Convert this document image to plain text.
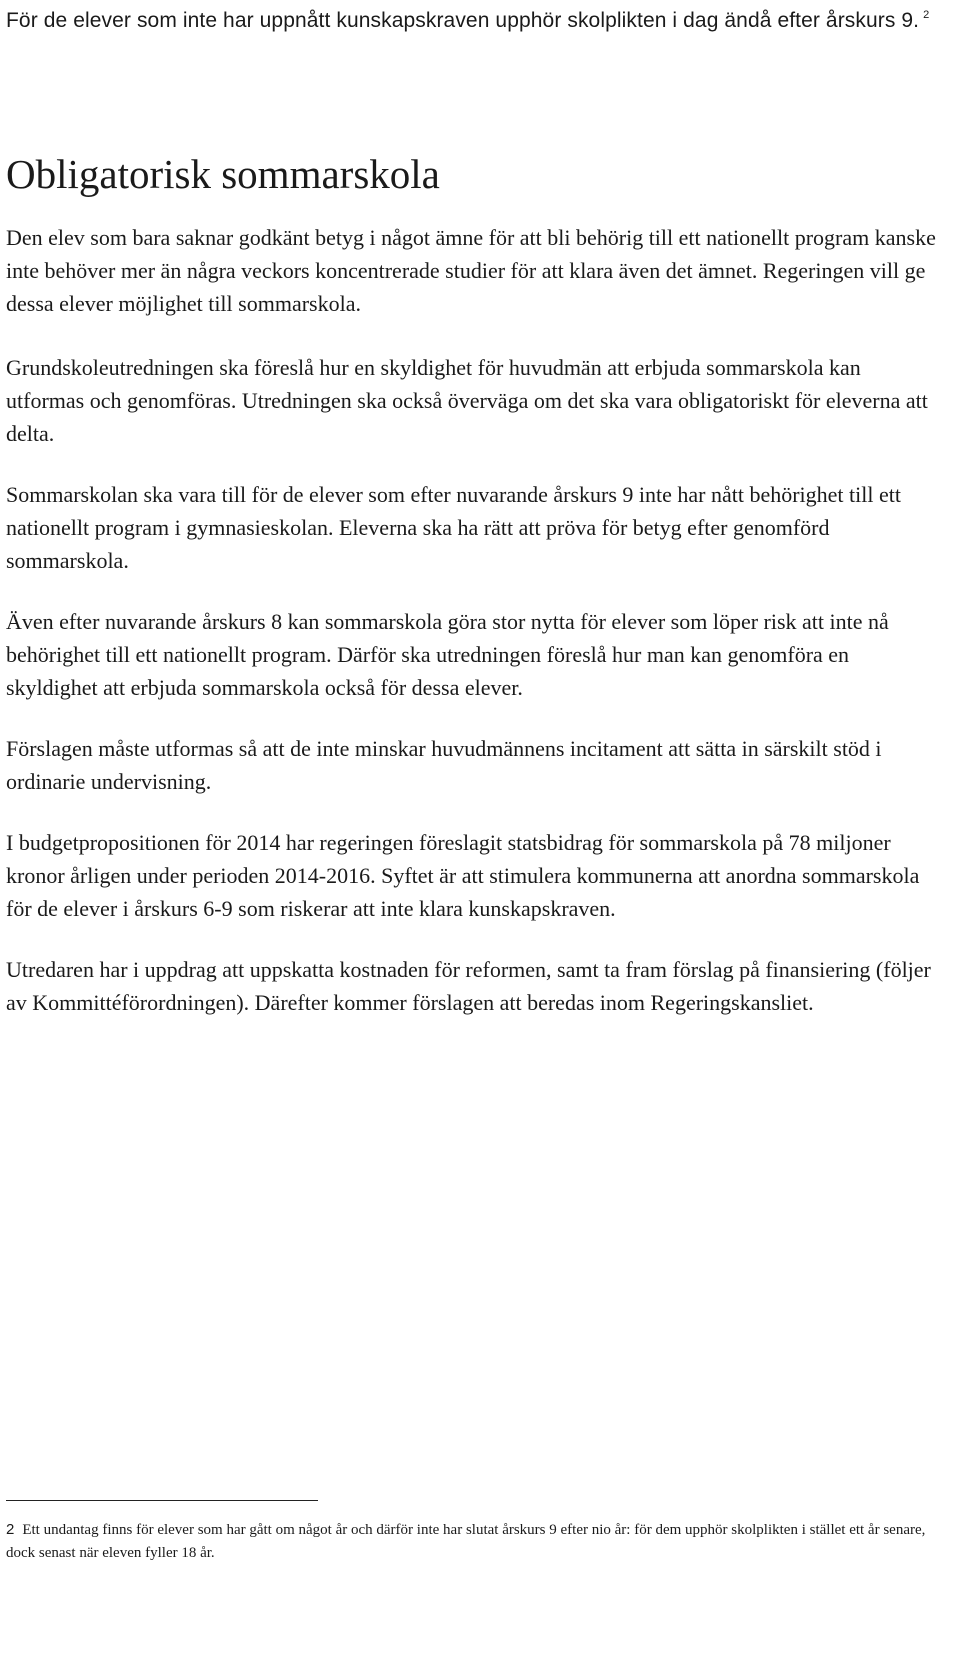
För de elever som inte har uppnått kunskapskraven upphör skolplikten i dag ändå efter årskurs 9. $^2$

Obligatorisk sommarskola

Den elev som bara saknar godkänt betyg i något ämne för att bli behörig till ett nationellt program kanske inte behöver mer än några veckors koncentrerade studier för att klara även det ämnet. Regeringen vill ge dessa elever möjlighet till sommarskola.

Grundskoleutredningen ska föreslå hur en skyldighet för huvudmän att erbjuda sommarskola kan utformas och genomföras. Utredningen ska också överväga om det ska vara obligatoriskt för eleverna att delta.

Sommarskolan ska vara till för de elever som efter nuvarande årskurs 9 inte har nått behörighet till ett nationellt program i gymnasieskolan. Eleverna ska ha rätt att pröva för betyg efter genomförd sommarskola.

Även efter nuvarande årskurs 8 kan sommarskola göra stor nytta för elever som löper risk att inte nå behörighet till ett nationellt program. Därför ska utredningen föreslå hur man kan genomföra en skyldighet att erbjuda sommarskola också för dessa elever.

Förslagen måste utformas så att de inte minskar huvudmännens incitament att sätta in särskilt stöd i ordinarie undervisning.

I budgetpropositionen för 2014 har regeringen föreslagit statsbidrag för sommarskola på 78 miljoner kronor årligen under perioden 2014-2016. Syftet är att stimulera kommunerna att anordna sommarskola för de elever i årskurs 6-9 som riskerar att inte klara kunskapskraven.

Utredaren har i uppdrag att uppskatta kostnaden för reformen, samt ta fram förslag på finansiering (följer av Kommittéförordningen). Därefter kommer förslagen att beredas inom Regeringskansliet.

2 Ett undantag finns för elever som har gått om något år och därför inte har slutat årskurs 9 efter nio år: för dem upphör skolplikten i stället ett år senare, dock senast när eleven fyller 18 år.
